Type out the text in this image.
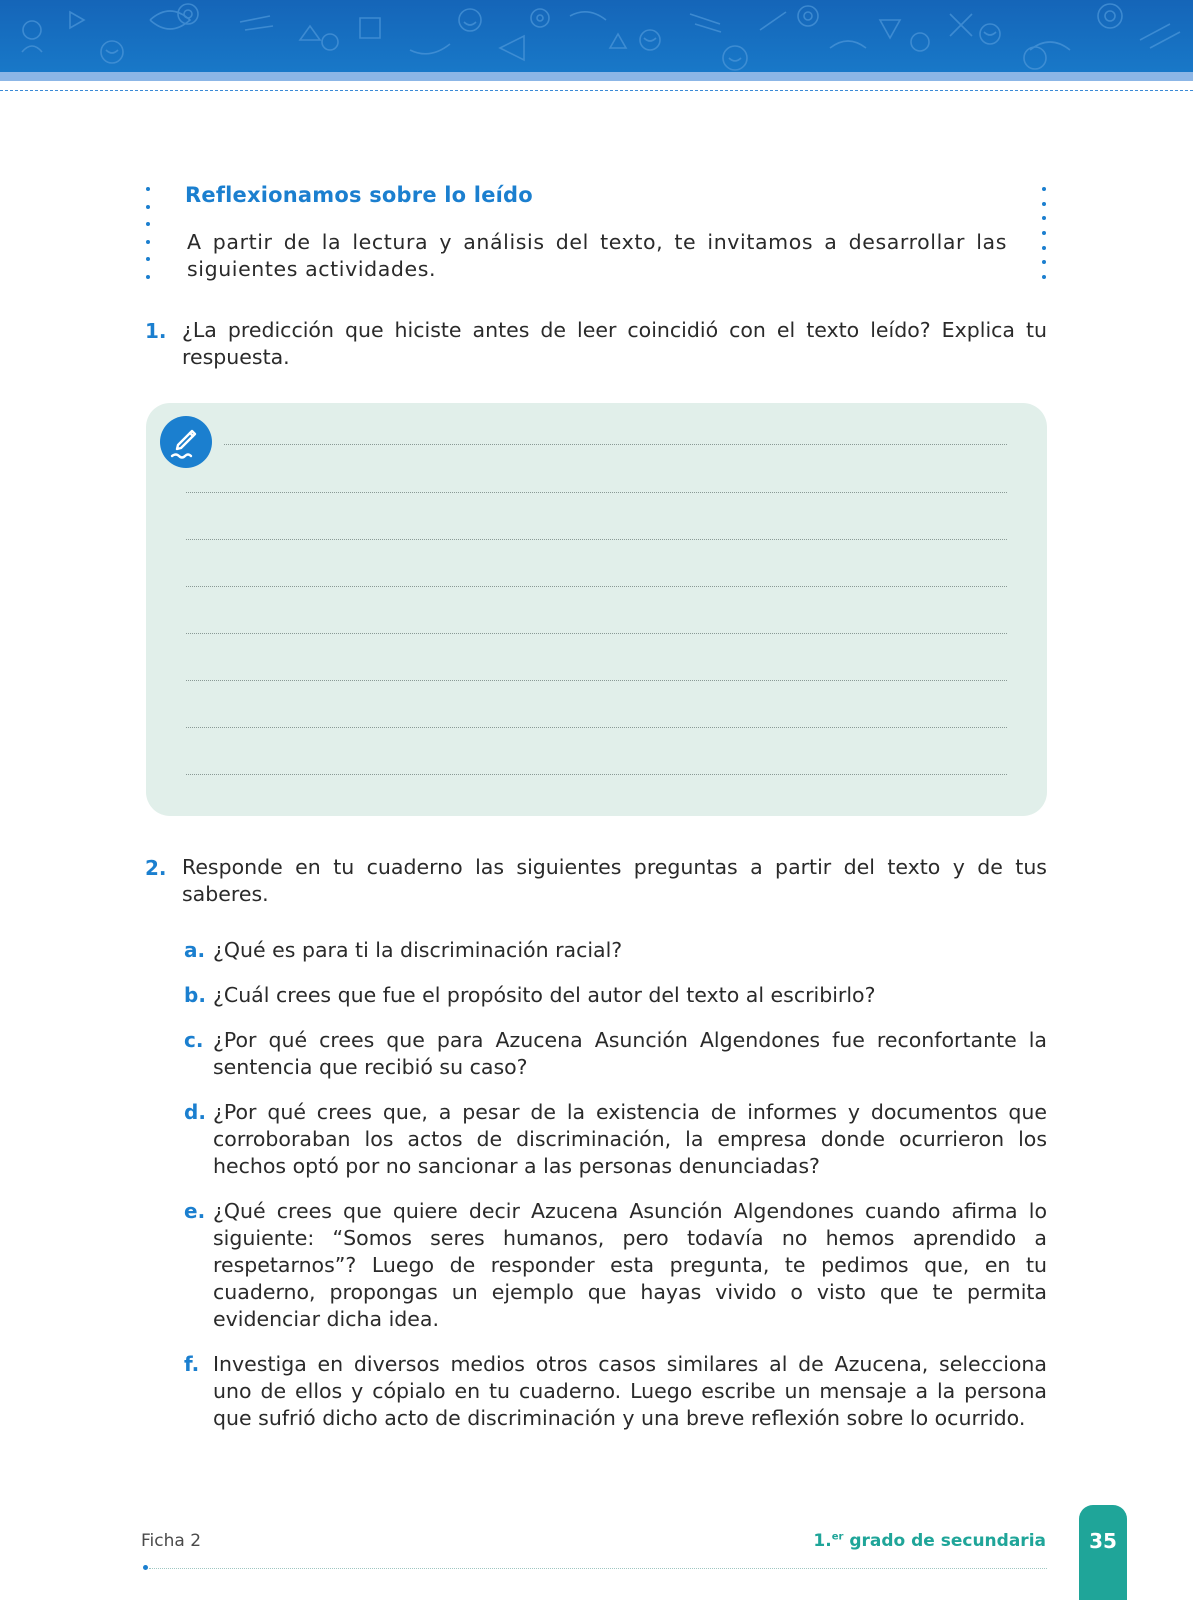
Reflexionamos sobre lo leído
A partir de la lectura y análisis del texto, te invitamos a desarrollar las siguientes actividades.
1. ¿La predicción que hiciste antes de leer coincidió con el texto leído? Explica tu respuesta.
2. Responde en tu cuaderno las siguientes preguntas a partir del texto y de tus saberes.
a. ¿Qué es para ti la discriminación racial?
b. ¿Cuál crees que fue el propósito del autor del texto al escribirlo?
c. ¿Por qué crees que para Azucena Asunción Algendones fue reconfortante la sentencia que recibió su caso?
d. ¿Por qué crees que, a pesar de la existencia de informes y documentos que corroboraban los actos de discriminación, la empresa donde ocurrieron los hechos optó por no sancionar a las personas denunciadas?
e. ¿Qué crees que quiere decir Azucena Asunción Algendones cuando afirma lo siguiente: “Somos seres humanos, pero todavía no hemos aprendido a respetarnos”? Luego de responder esta pregunta, te pedimos que, en tu cuaderno, propongas un ejemplo que hayas vivido o visto que te permita evidenciar dicha idea.
f. Investiga en diversos medios otros casos similares al de Azucena, selecciona uno de ellos y cópialo en tu cuaderno. Luego escribe un mensaje a la persona que sufrió dicho acto de discriminación y una breve reflexión sobre lo ocurrido.
Ficha 2	1.$^{er}$ grado de secundaria	35
